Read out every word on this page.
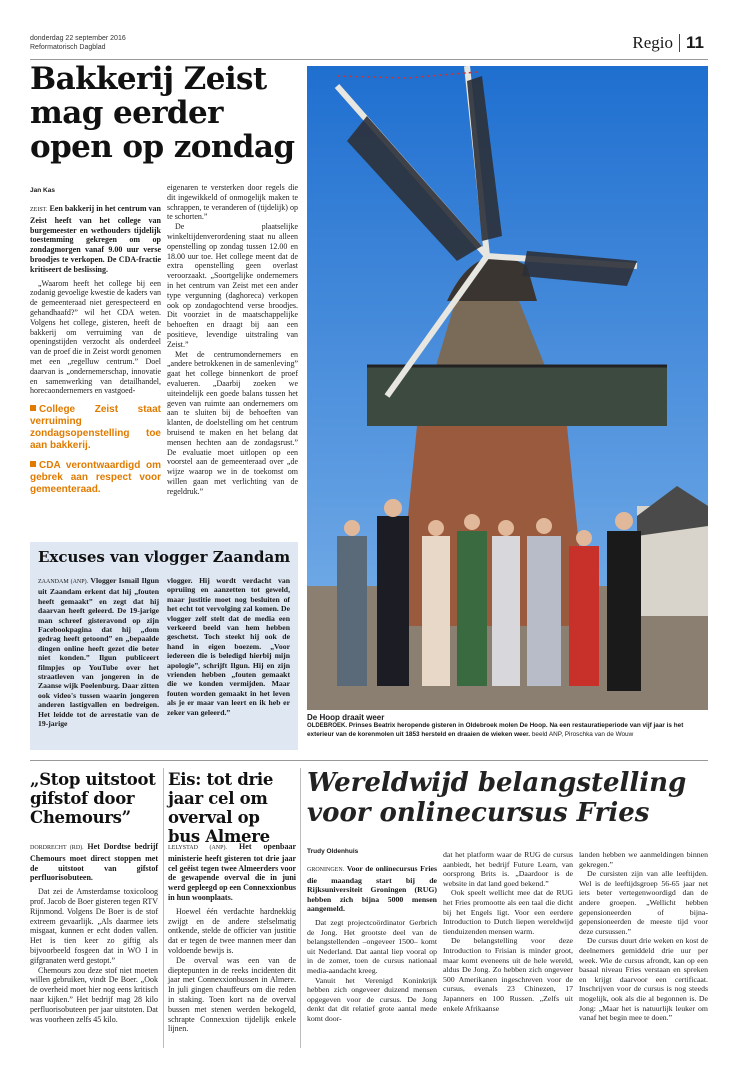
donderdag 22 september 2016
Reformatorisch Dagblad	Regio 11
Bakkerij Zeist mag eerder open op zondag
Jan Kas

ZEIST. Een bakkerij in het centrum van Zeist heeft van het college van burgemeester en wethouders tijdelijk toestemming gekregen om op zondagmorgen vanaf 9.00 uur verse broodjes te verkopen. De CDA-fractie kritiseert de beslissing.

„Waarom heeft het college bij een zodanig gevoelige kwestie de kaders van de gemeenteraad niet gerespecteerd en gehandhaafd?” wil het CDA weten. Volgens het college, gisteren, heeft de bakkerij om verruiming van de openingstijden verzocht als onderdeel van de proef die in Zeist wordt genomen met een „regelluw centrum.” Doel daarvan is „ondernemerschap, innovatie en samenwerking van detailhandel, horecaondernemers en vastgoed-

College Zeist staat verruiming zondagsopenstelling toe aan bakkerij.
CDA verontwaardigd om gebrek aan respect voor gemeenteraad.

eigenaren te versterken door regels die dit ingewikkeld of onmogelijk maken te schrappen, te veranderen of (tijdelijk) op te schorten.”

De plaatselijke winkeltijdenverordening staat nu alleen openstelling op zondag tussen 12.00 en 18.00 uur toe. Het college meent dat de extra openstelling geen overlast veroorzaakt. „Soortgelijke ondernemers in het centrum van Zeist met een ander type vergunning (daghoreca) verkopen ook op zondagochtend verse broodjes. Dit voorziet in de maatschappelijke behoeften en draagt bij aan een positieve, levendige uitstraling van Zeist.”

Met de centrumondernemers en „andere betrokkenen in de samenleving” gaat het college binnenkort de proef evalueren. „Daarbij zoeken we uiteindelijk een goede balans tussen het geven van ruimte aan ondernemers om aan te sluiten bij de behoeften van klanten, de doelstelling om het centrum bruisend te maken en het belang dat mensen hechten aan de zondagsrust.” De evaluatie moet uitlopen op een voorstel aan de gemeenteraad over „de wijze waarop we in de toekomst om willen gaan met verlichting van de regeldruk.”

De Hoop draait weer
OLDEBROEK. Prinses Beatrix heropende gisteren in Oldebroek molen De Hoop. Na een restauratieperiode van vijf jaar is het exterieur van de korenmolen uit 1853 hersteld en draaien de wieken weer. beeld ANP, Piroschka van de Wouw
Excuses van vlogger Zaandam

ZAANDAM (ANP). Vlogger Ismail Ilgun uit Zaandam erkent dat hij „fouten heeft gemaakt” en zegt dat hij daarvan heeft geleerd. De 19-jarige man schreef gisteravond op zijn Facebookpagina dat hij „dom gedrag heeft getoond” en „bepaalde dingen online heeft gezet die beter niet konden.” Ilgun publiceert filmpjes op YouTube over het straatleven van jongeren in de Zaanse wijk Poelenburg. Daar zitten ook video's tussen waarin jongeren anderen lastigvallen en bedreigen. Het leidde tot de arrestatie van de 19-jarige

vlogger. Hij wordt verdacht van opruiing en aanzetten tot geweld, maar justitie moet nog besluiten of het echt tot vervolging zal komen. De vlogger zelf stelt dat de media een verkeerd beeld van hem hebben geschetst. Toch steekt hij ook de hand in eigen boezem. „Voor iedereen die is beledigd hierbij mijn apologie”, schrijft Ilgun. Hij en zijn vrienden hebben „fouten gemaakt die we konden vermijden. Maar fouten worden gemaakt in het leven als je er maar van leert en ik heb er zeker van geleerd.”
„Stop uitstoot gifstof door Chemours”

DORDRECHT (RD). Het Dordtse bedrijf Chemours moet direct stoppen met de uitstoot van gifstof perfluorisobuteen.

Dat zei de Amsterdamse toxicoloog prof. Jacob de Boer gisteren tegen RTV Rijnmond. Volgens De Boer is de stof extreem gevaarlijk. „Als daarmee iets misgaat, kunnen er echt doden vallen. Het is tien keer zo giftig als bijvoorbeeld fosgeen dat in WO I in gifgranaten werd gestopt.”

Chemours zou deze stof niet moeten willen gebruiken, vindt De Boer. „Ook de overheid moet hier nog eens kritisch naar kijken.” Het bedrijf mag 28 kilo perfluorisobuteen per jaar uitstoten. Dat was voorheen zelfs 45 kilo.

Eis: tot drie jaar cel om overval op bus Almere

LELYSTAD (ANP). Het openbaar ministerie heeft gisteren tot drie jaar cel geëist tegen twee Almeerders voor de gewapende overval die in juni werd gepleegd op een Connexxionbus in hun woonplaats.

Hoewel één verdachte hardnekkig zwijgt en de andere stelselmatig ontkende, stelde de officier van justitie dat er tegen de twee mannen meer dan voldoende bewijs is.

De overval was een van de dieptepunten in de reeks incidenten dit jaar met Connexxionbussen in Almere. In juli gingen chauffeurs om die reden in staking. Toen kort na de overval bussen met stenen werden bekogeld, schrapte Connexxion tijdelijk enkele lijnen.

Wereldwijd belangstelling voor onlinecursus Fries
Trudy Oldenhuis

GRONINGEN. Voor de onlinecursus Fries die maandag start bij de Rijksuniversiteit Groningen (RUG) hebben zich bijna 5000 mensen aangemeld.

Dat zegt projectcoördinator Gerbrich de Jong. Het grootste deel van de belangstellenden –ongeveer 1500– komt uit Nederland. Dat aantal liep vooral op in de zomer, toen de cursus nationaal media-aandacht kreeg.

Vanuit het Verenigd Koninkrijk hebben zich ongeveer duizend mensen opgegeven voor de cursus. De Jong denkt dat dit relatief grote aantal mede komt door-

dat het platform waar de RUG de cursus aanbiedt, het bedrijf Future Learn, van oorsprong Brits is. „Daardoor is de website in dat land goed bekend.”

Ook speelt wellicht mee dat de RUG het Fries promootte als een taal die dicht bij het Engels ligt. Voor een eerdere Introduction to Dutch liepen wereldwijd tienduizenden mensen warm.

De belangstelling voor deze Introduction to Frisian is minder groot, maar komt eveneens uit de hele wereld, aldus De Jong. Zo hebben zich ongeveer 500 Amerikanen ingeschreven voor de cursus, evenals 23 Chinezen, 17 Japanners en 100 Russen. „Zelfs uit enkele Afrikaanse

landen hebben we aanmeldingen binnen gekregen.”

De cursisten zijn van alle leeftijden. Wel is de leeftijdsgroep 56-65 jaar net iets beter vertegenwoordigd dan de andere groepen. „Wellicht hebben gepensioneerden of bijna-gepensioneerden de meeste tijd voor deze cursussen.”

De cursus duurt drie weken en kost de deelnemers gemiddeld drie uur per week. Wie de cursus afrondt, kan op een basaal niveau Fries verstaan en spreken en krijgt daarvoor een certificaat. Inschrijven voor de cursus is nog steeds mogelijk, ook als die al begonnen is. De Jong: „Maar het is natuurlijk leuker om vanaf het begin mee te doen.”
